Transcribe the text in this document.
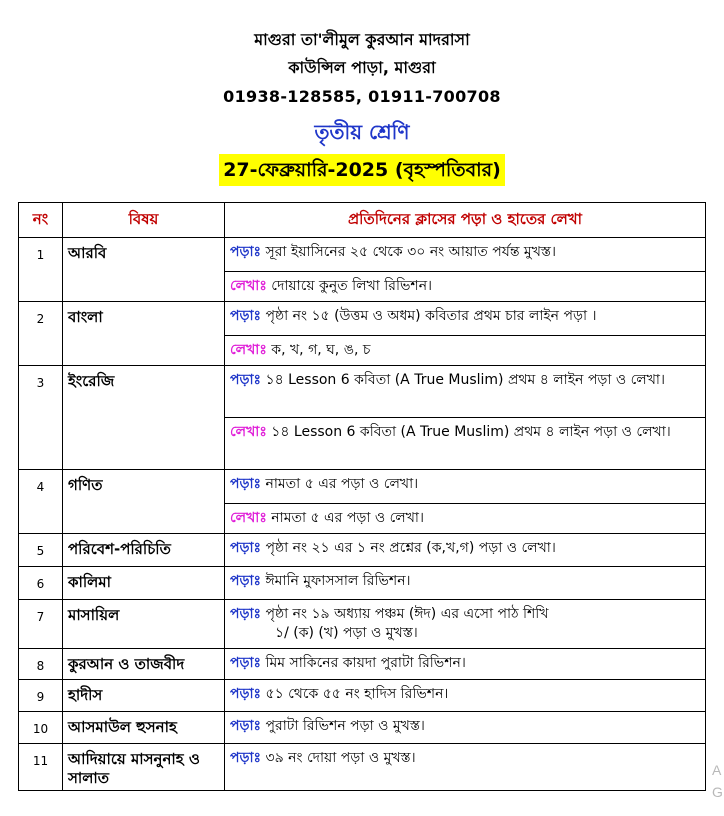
মাগুরা তা'লীমুল কুরআন মাদরাসা
কাউন্সিল পাড়া, মাগুরা
01938-128585, 01911-700708
তৃতীয় শ্রেণি
27-ফেব্রুয়ারি-2025 (বৃহস্পতিবার)
নং	বিষয়	প্রতিদিনের ক্লাসের পড়া ও হাতের লেখা
1	আরবি	পড়াঃ সূরা ইয়াসিনের ২৫ থেকে ৩০ নং আয়াত পর্যন্ত মুখস্ত।
		লেখাঃ দোয়ায়ে কুনুত লিখা রিভিশন।
2	বাংলা	পড়াঃ পৃষ্ঠা নং ১৫ (উত্তম ও অধম) কবিতার প্রথম চার লাইন পড়া ।
		লেখাঃ ক, খ, গ, ঘ, ঙ, চ
3	ইংরেজি	পড়াঃ ১৪ Lesson 6 কবিতা (A True Muslim) প্রথম ৪ লাইন পড়া ও লেখা।
		লেখাঃ ১৪ Lesson 6 কবিতা (A True Muslim) প্রথম ৪ লাইন পড়া ও লেখা।
4	গণিত	পড়াঃ নামতা ৫ এর পড়া ও লেখা।
		লেখাঃ নামতা ৫ এর পড়া ও লেখা।
5	পরিবেশ-পরিচিতি	পড়াঃ পৃষ্ঠা নং ২১ এর ১ নং প্রশ্নের (ক,খ,গ) পড়া ও লেখা।
6	কালিমা	পড়াঃ ঈমানি মুফাসসাল রিভিশন।
7	মাসায়িল	পড়াঃ পৃষ্ঠা নং ১৯ অধ্যায় পঞ্চম (ঈদ) এর এসো পাঠ শিখি
১/ (ক) (খ) পড়া ও মুখস্ত।

8	কুরআন ও তাজবীদ	পড়াঃ মিম সাকিনের কায়দা পুরাটা রিভিশন।
9	হাদীস	পড়াঃ ৫১ থেকে ৫৫ নং হাদিস রিভিশন।
10	আসমাউল হুসনাহ	পড়াঃ পুরাটা রিভিশন পড়া ও মুখস্ত।
11	আদিয়ায়ে মাসনুনাহ ও সালাত	পড়াঃ ৩৯ নং দোয়া পড়া ও মুখস্ত।
A
G
